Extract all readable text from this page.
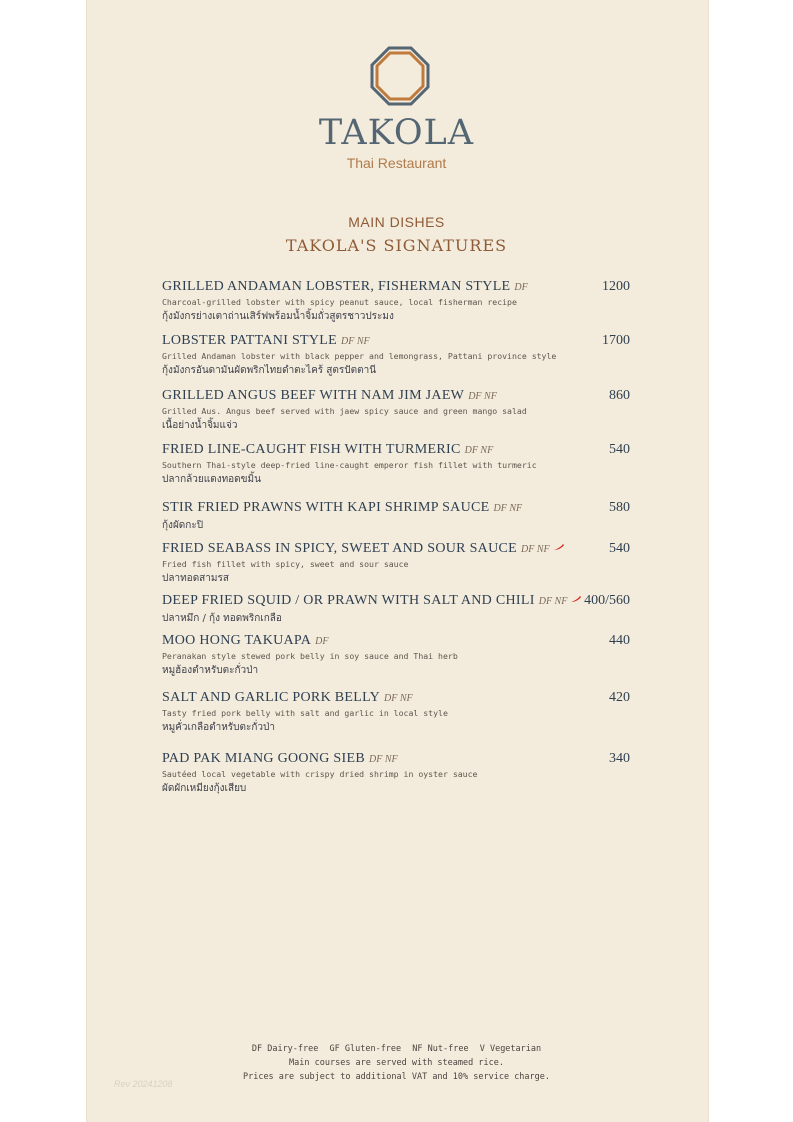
TAKOLA
Thai Restaurant
MAIN DISHES
TAKOLA'S SIGNATURES
GRILLED ANDAMAN LOBSTER, FISHERMAN STYLE DF	1200
Charcoal-grilled lobster with spicy peanut sauce, local fisherman recipe
กุ้งมังกรย่างเตาถ่านเสิร์ฟพร้อมน้ำจิ้มถั่วสูตรชาวประมง
LOBSTER PATTANI STYLE DF NF	1700
Grilled Andaman lobster with black pepper and lemongrass, Pattani province style
กุ้งมังกรอันดามันผัดพริกไทยดำตะไคร้ สูตรปัตตานี
GRILLED ANGUS BEEF WITH NAM JIM JAEW DF NF	860
Grilled Aus. Angus beef served with jaew spicy sauce and green mango salad
เนื้อย่างน้ำจิ้มแจ่ว
FRIED LINE-CAUGHT FISH WITH TURMERIC DF NF	540
Southern Thai-style deep-fried line-caught emperor fish fillet with turmeric
ปลากล้วยแดงทอดขมิ้น
STIR FRIED PRAWNS WITH KAPI SHRIMP SAUCE DF NF	580
กุ้งผัดกะปิ
FRIED SEABASS IN SPICY, SWEET AND SOUR SAUCE DF NF	540
Fried fish fillet with spicy, sweet and sour sauce
ปลาทอดสามรส
DEEP FRIED SQUID / OR PRAWN WITH SALT AND CHILI DF NF	400/560
ปลาหมึก / กุ้ง ทอดพริกเกลือ
MOO HONG TAKUAPA DF	440
Peranakan style stewed pork belly in soy sauce and Thai herb
หมูฮ้องตำหรับตะกั่วป่า
SALT AND GARLIC PORK BELLY DF NF	420
Tasty fried pork belly with salt and garlic in local style
หมูคั่วเกลือตำหรับตะกั่วป่า
PAD PAK MIANG GOONG SIEB DF NF	340
Sautéed local vegetable with crispy dried shrimp in oyster sauce
ผัดผักเหมียงกุ้งเสียบ
DF Dairy-free GF Gluten-free NF Nut-free V Vegetarian
Main courses are served with steamed rice.
Prices are subject to additional VAT and 10% service charge.
Rev 20241208
